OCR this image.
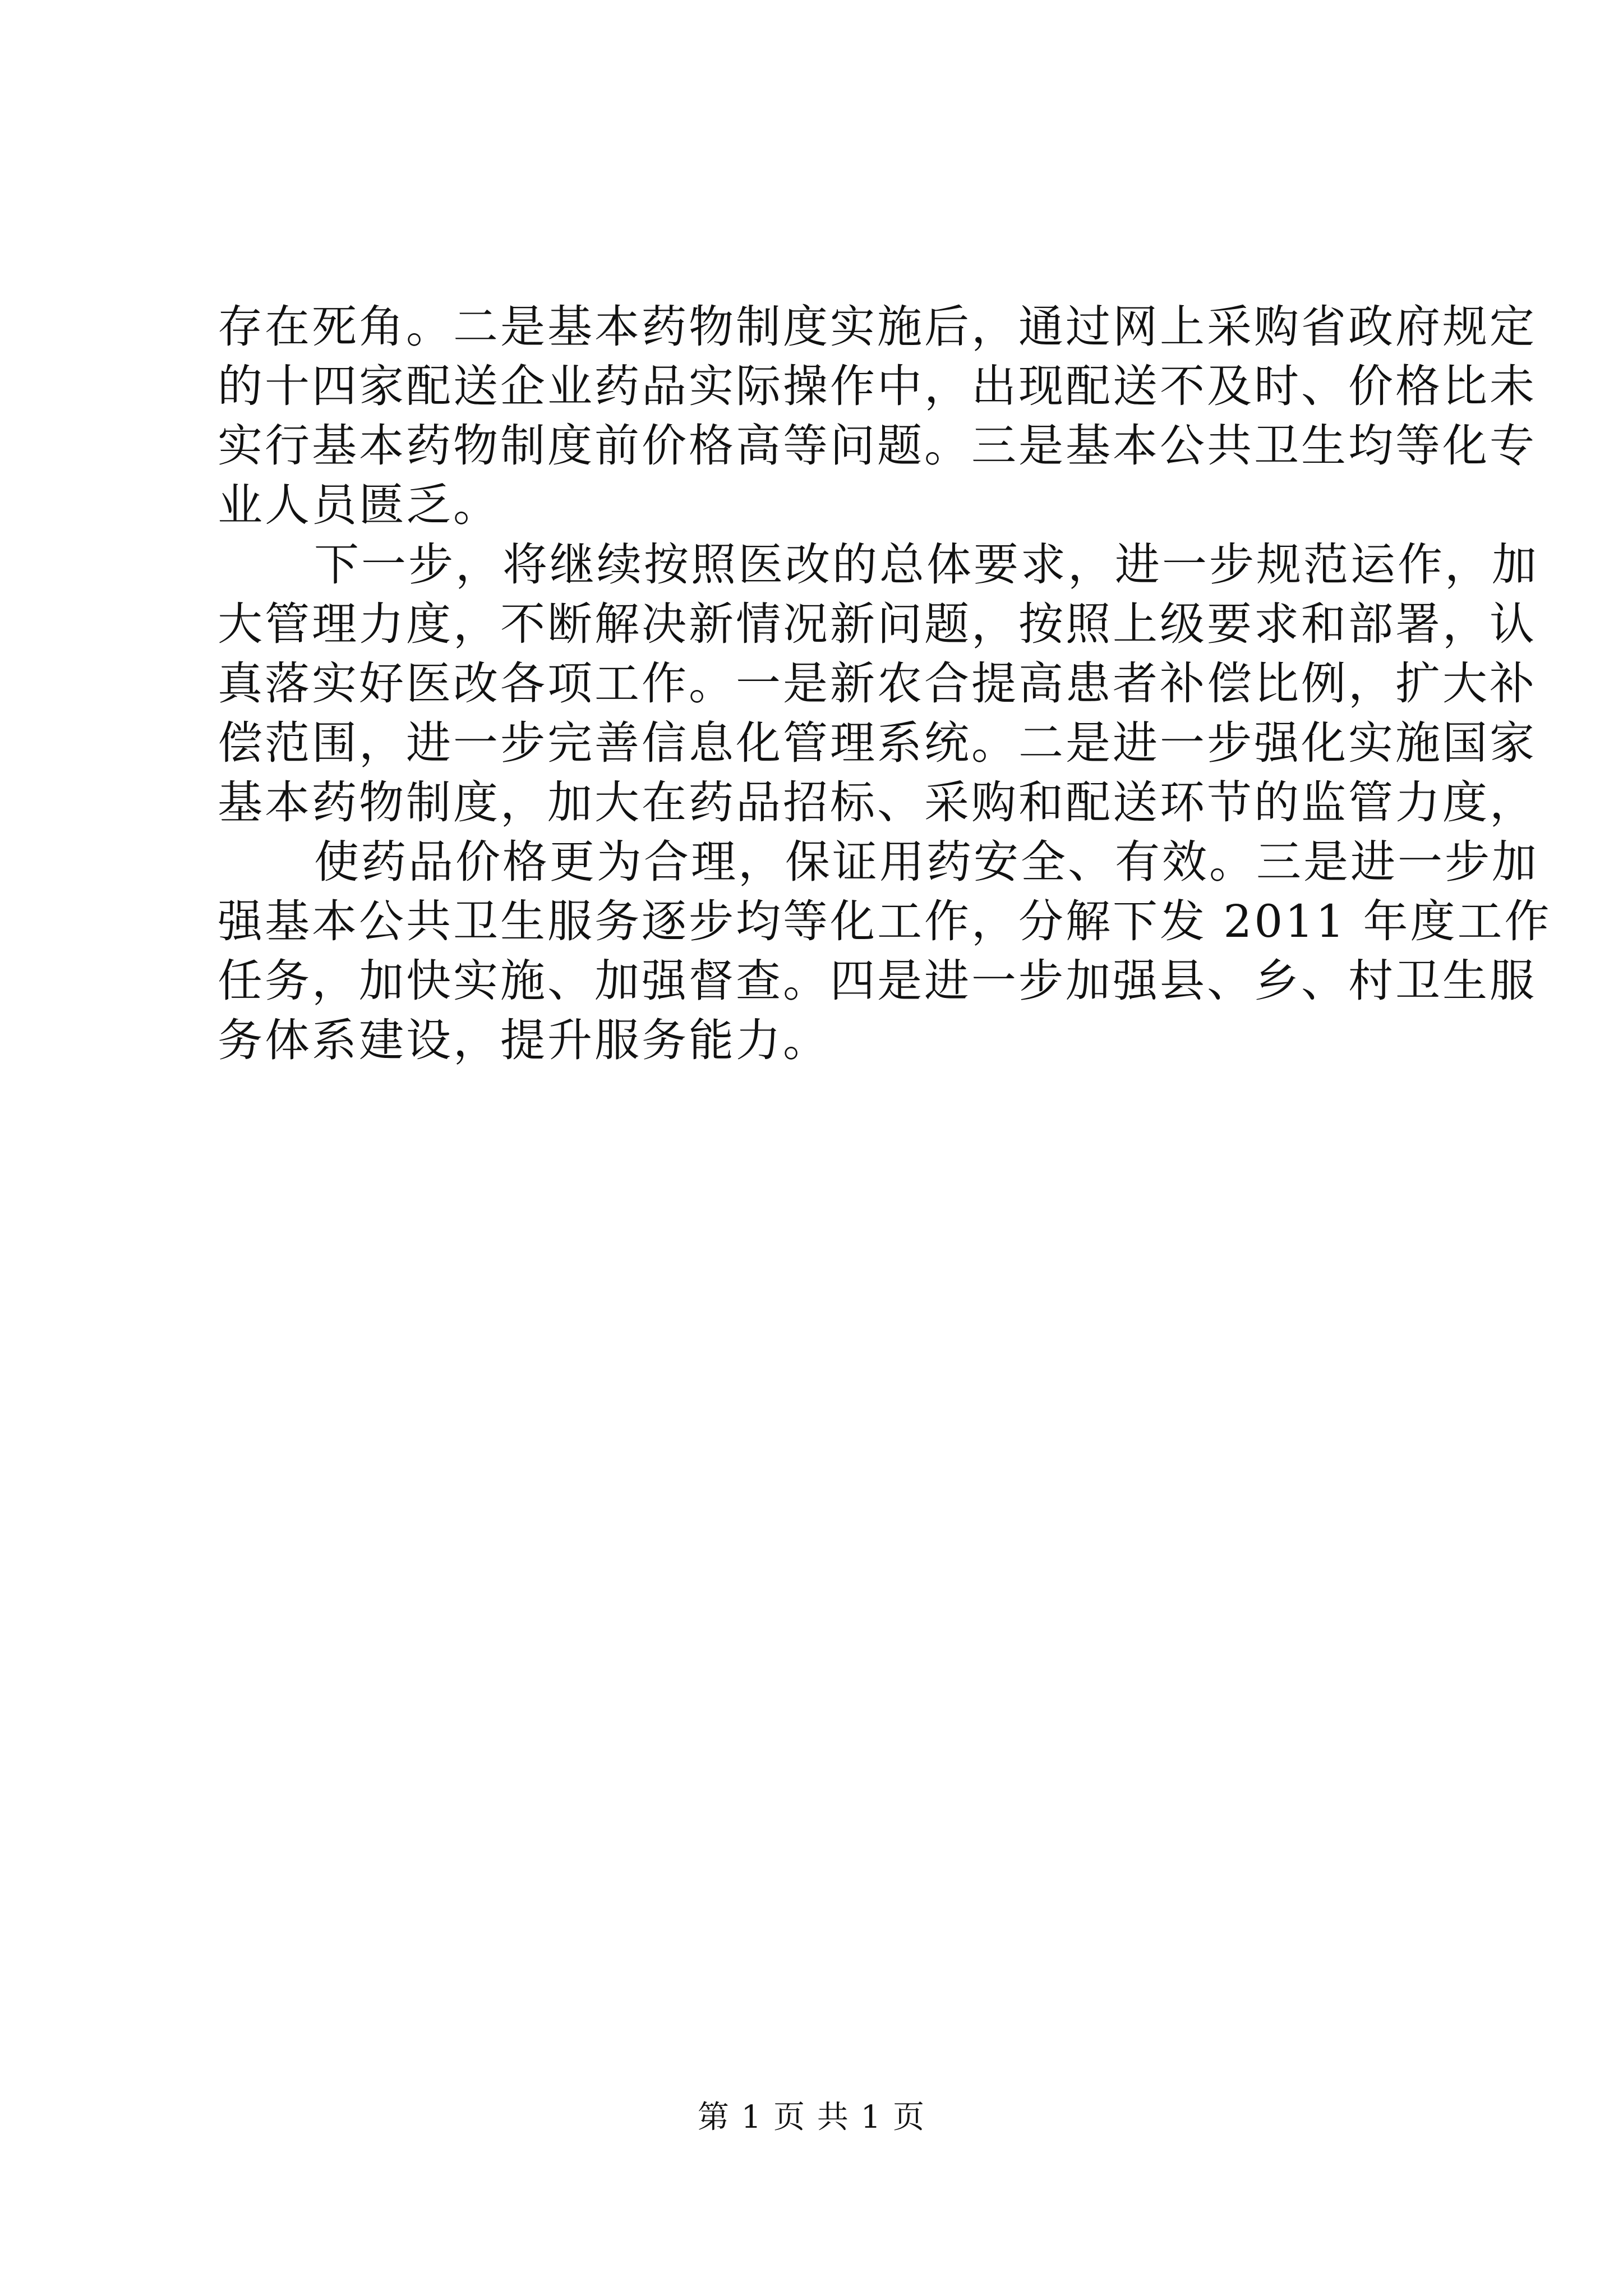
存在死角。二是基本药物制度实施后，通过网上采购省政府规定

的十四家配送企业药品实际操作中，出现配送不及时、价格比未

实行基本药物制度前价格高等问题。三是基本公共卫生均等化专

业人员匮乏。

下一步，将继续按照医改的总体要求，进一步规范运作，加

大管理力度，不断解决新情况新问题，按照上级要求和部署，认

真落实好医改各项工作。一是新农合提高患者补偿比例，扩大补

偿范围，进一步完善信息化管理系统。二是进一步强化实施国家

基本药物制度，加大在药品招标、采购和配送环节的监管力度，

使药品价格更为合理，保证用药安全、有效。三是进一步加

强基本公共卫生服务逐步均等化工作，分解下发 2011 年度工作

任务，加快实施、加强督查。四是进一步加强县、乡、村卫生服

务体系建设，提升服务能力。

第 1 页 共 1 页
